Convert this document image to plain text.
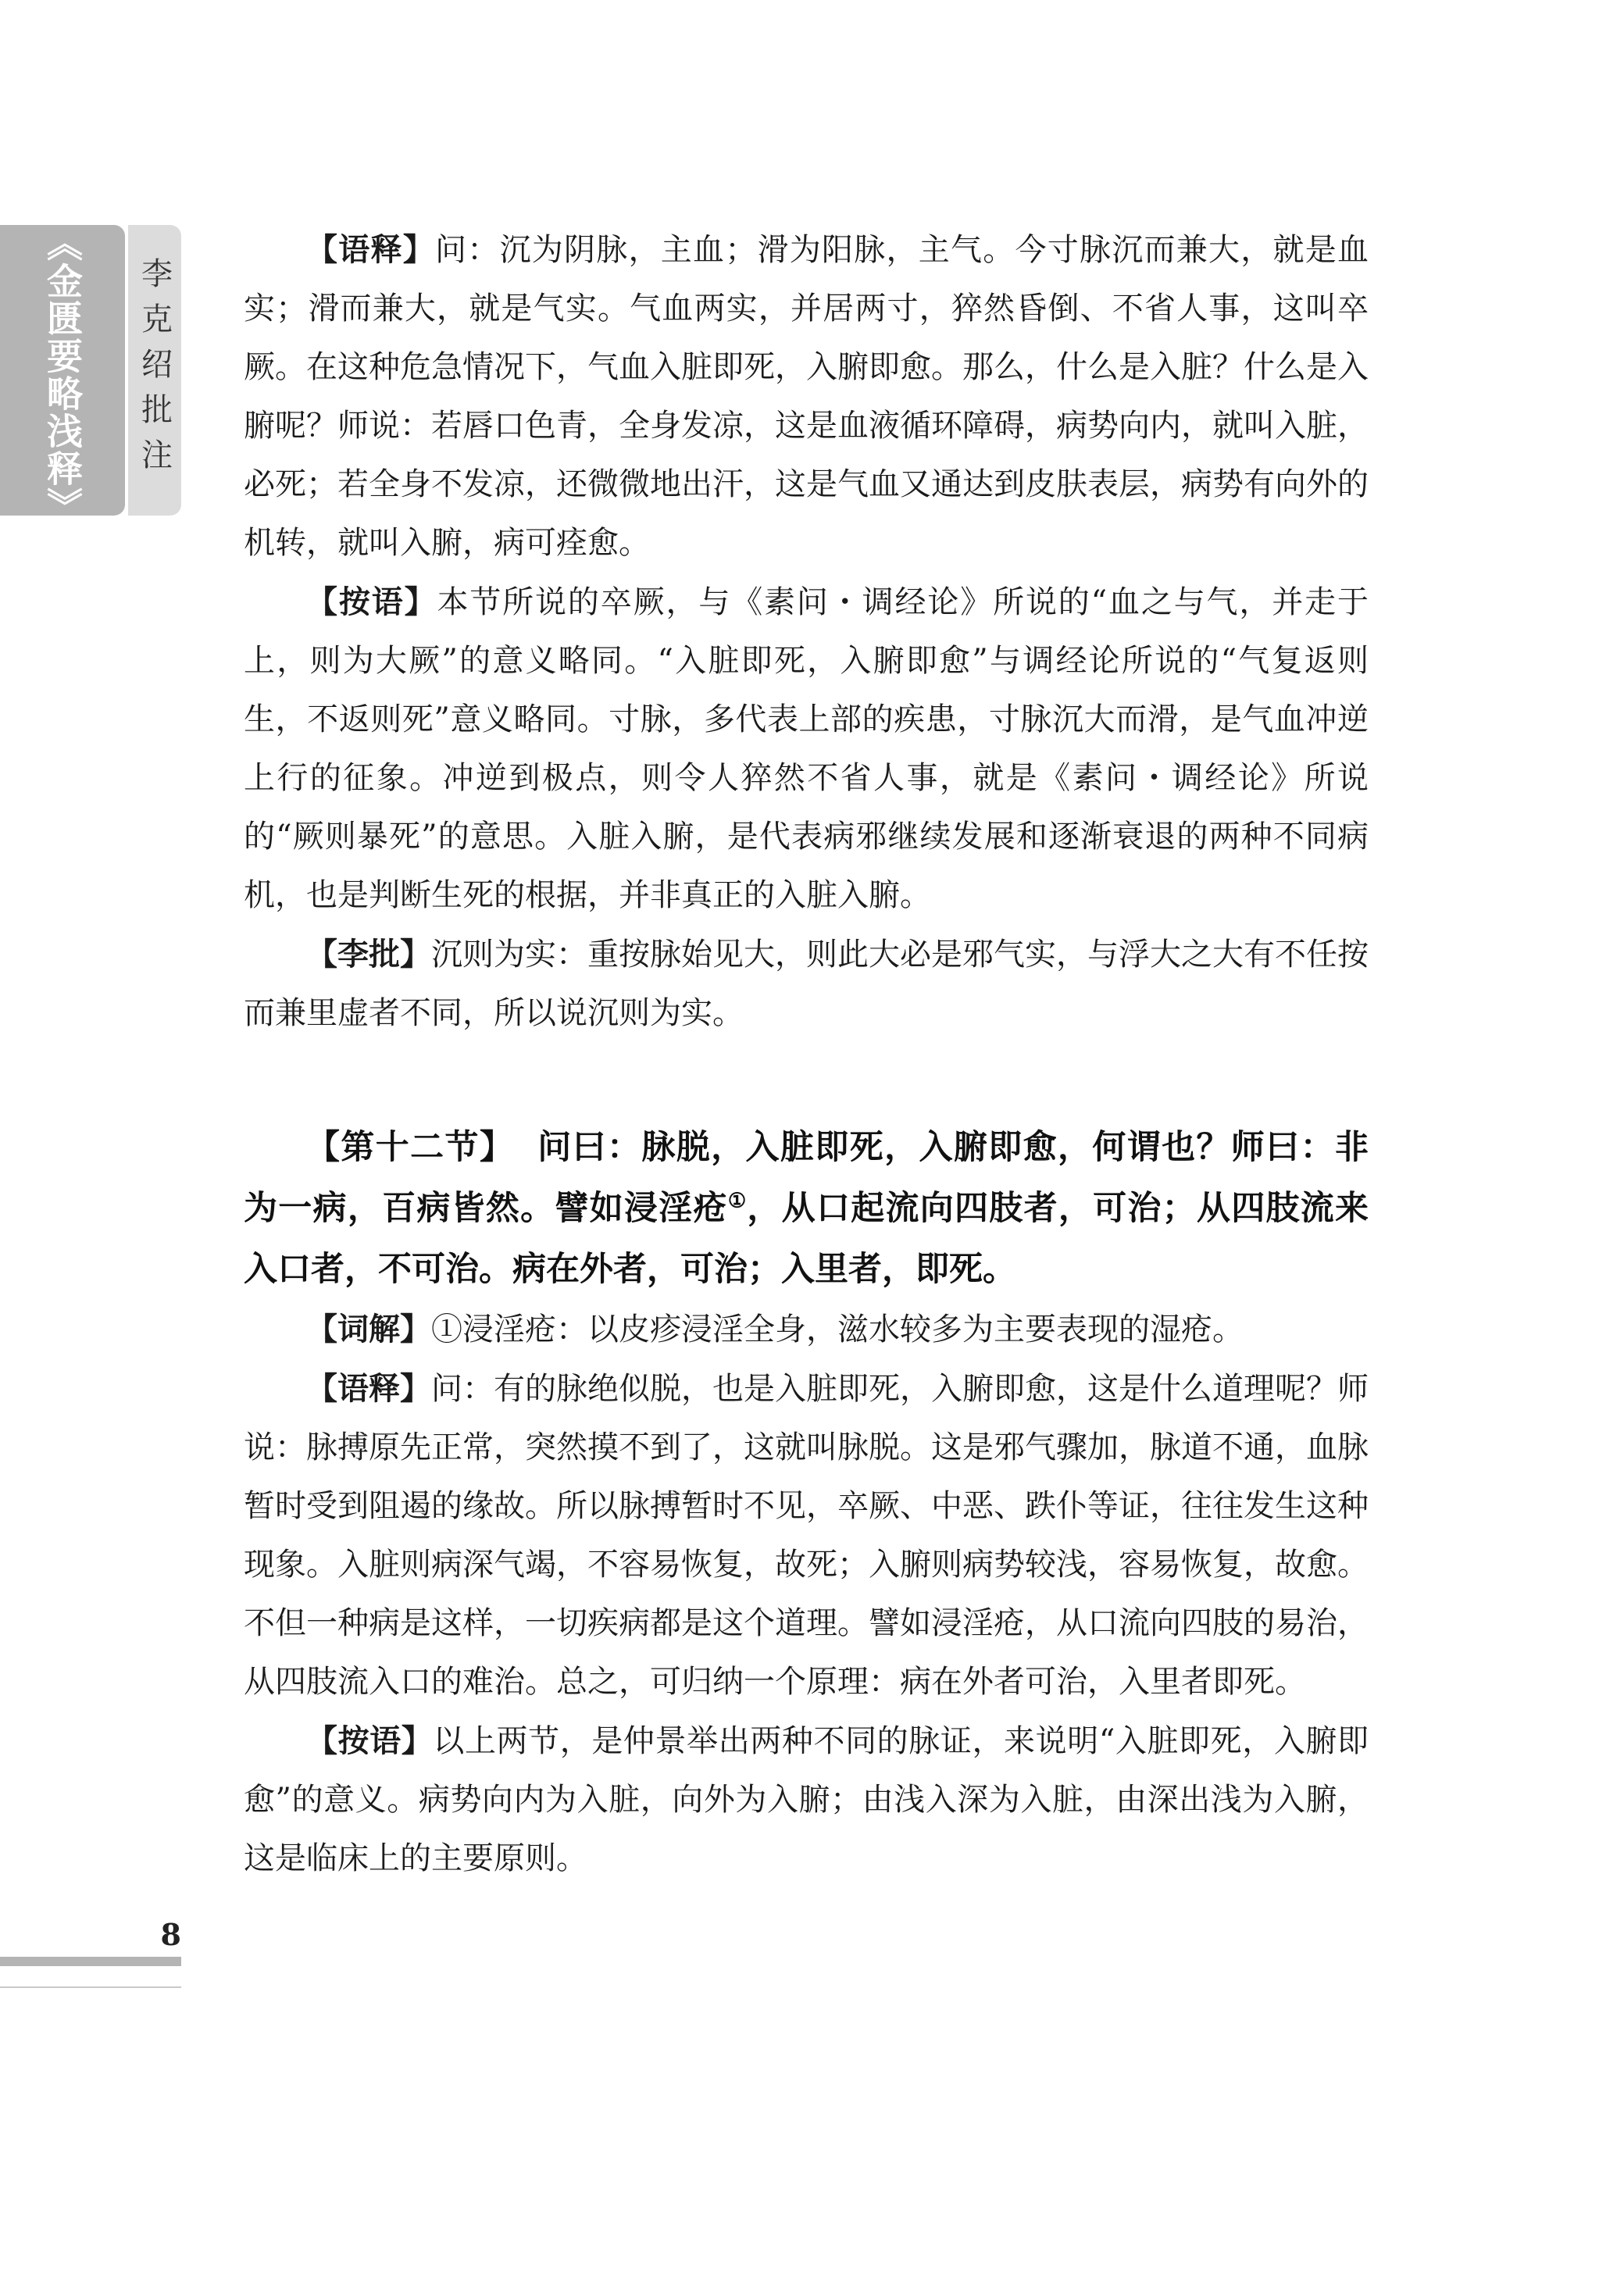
《金匮要略浅释》 李克绍批注

【语释】问：沉为阴脉，主血；滑为阳脉，主气。今寸脉沉而兼大，就是血实；滑而兼大，就是气实。气血两实，并居两寸，猝然昏倒、不省人事，这叫卒厥。在这种危急情况下，气血入脏即死，入腑即愈。那么，什么是入脏？什么是入腑呢？师说：若唇口色青，全身发凉，这是血液循环障碍，病势向内，就叫入脏，必死；若全身不发凉，还微微地出汗，这是气血又通达到皮肤表层，病势有向外的机转，就叫入腑，病可痊愈。

【按语】本节所说的卒厥，与《素问・调经论》所说的“血之与气，并走于上，则为大厥”的意义略同。“入脏即死，入腑即愈”与调经论所说的“气复返则生，不返则死”意义略同。寸脉，多代表上部的疾患，寸脉沉大而滑，是气血冲逆上行的征象。冲逆到极点，则令人猝然不省人事，就是《素问・调经论》所说的“厥则暴死”的意思。入脏入腑，是代表病邪继续发展和逐渐衰退的两种不同病机，也是判断生死的根据，并非真正的入脏入腑。

【李批】沉则为实：重按脉始见大，则此大必是邪气实，与浮大之大有不任按而兼里虚者不同，所以说沉则为实。

【第十二节】 问曰：脉脱，入脏即死，入腑即愈，何谓也？师曰：非为一病，百病皆然。譬如浸淫疮①，从口起流向四肢者，可治；从四肢流来入口者，不可治。病在外者，可治；入里者，即死。

【词解】①浸淫疮：以皮疹浸淫全身，滋水较多为主要表现的湿疮。

【语释】问：有的脉绝似脱，也是入脏即死，入腑即愈，这是什么道理呢？师说：脉搏原先正常，突然摸不到了，这就叫脉脱。这是邪气骤加，脉道不通，血脉暂时受到阻遏的缘故。所以脉搏暂时不见，卒厥、中恶、跌仆等证，往往发生这种现象。入脏则病深气竭，不容易恢复，故死；入腑则病势较浅，容易恢复，故愈。不但一种病是这样，一切疾病都是这个道理。譬如浸淫疮，从口流向四肢的易治，从四肢流入口的难治。总之，可归纳一个原理：病在外者可治，入里者即死。

【按语】以上两节，是仲景举出两种不同的脉证，来说明“入脏即死，入腑即愈”的意义。病势向内为入脏，向外为入腑；由浅入深为入脏，由深出浅为入腑，这是临床上的主要原则。

8
